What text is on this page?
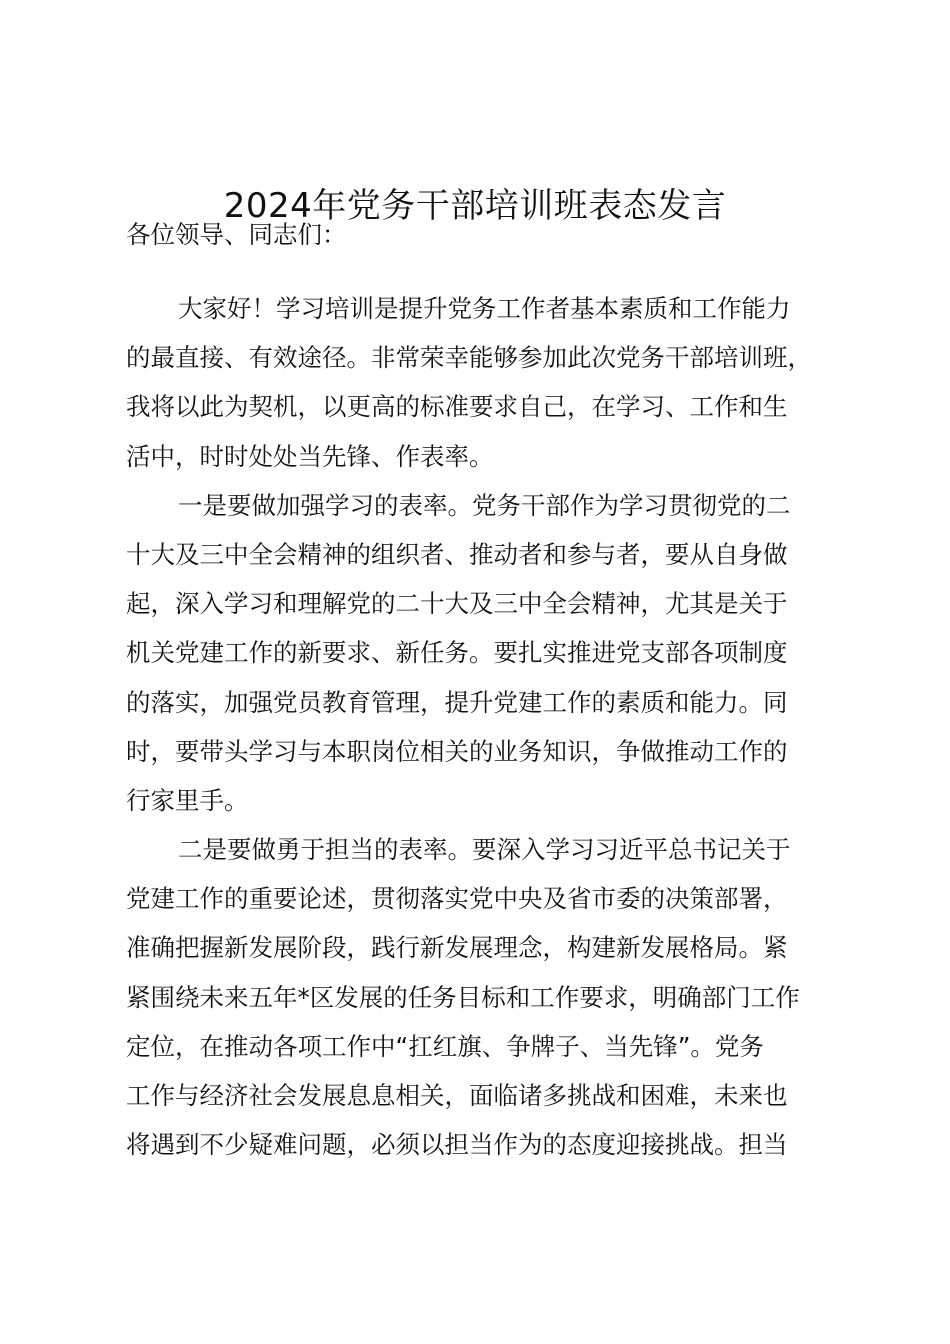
2024年党务干部培训班表态发言
各位领导、同志们：
大家好！学习培训是提升党务工作者基本素质和工作能力
的最直接、有效途径。非常荣幸能够参加此次党务干部培训班，
我将以此为契机，以更高的标准要求自己，在学习、工作和生
活中，时时处处当先锋、作表率。
一是要做加强学习的表率。党务干部作为学习贯彻党的二
十大及三中全会精神的组织者、推动者和参与者，要从自身做
起，深入学习和理解党的二十大及三中全会精神，尤其是关于
机关党建工作的新要求、新任务。要扎实推进党支部各项制度
的落实，加强党员教育管理，提升党建工作的素质和能力。同
时，要带头学习与本职岗位相关的业务知识，争做推动工作的
行家里手。
二是要做勇于担当的表率。要深入学习习近平总书记关于
党建工作的重要论述，贯彻落实党中央及省市委的决策部署，
准确把握新发展阶段，践行新发展理念，构建新发展格局。紧
紧围绕未来五年*区发展的任务目标和工作要求，明确部门工作
定位，在推动各项工作中“扛红旗、争牌子、当先锋”。党务
工作与经济社会发展息息相关，面临诸多挑战和困难，未来也
将遇到不少疑难问题，必须以担当作为的态度迎接挑战。担当
